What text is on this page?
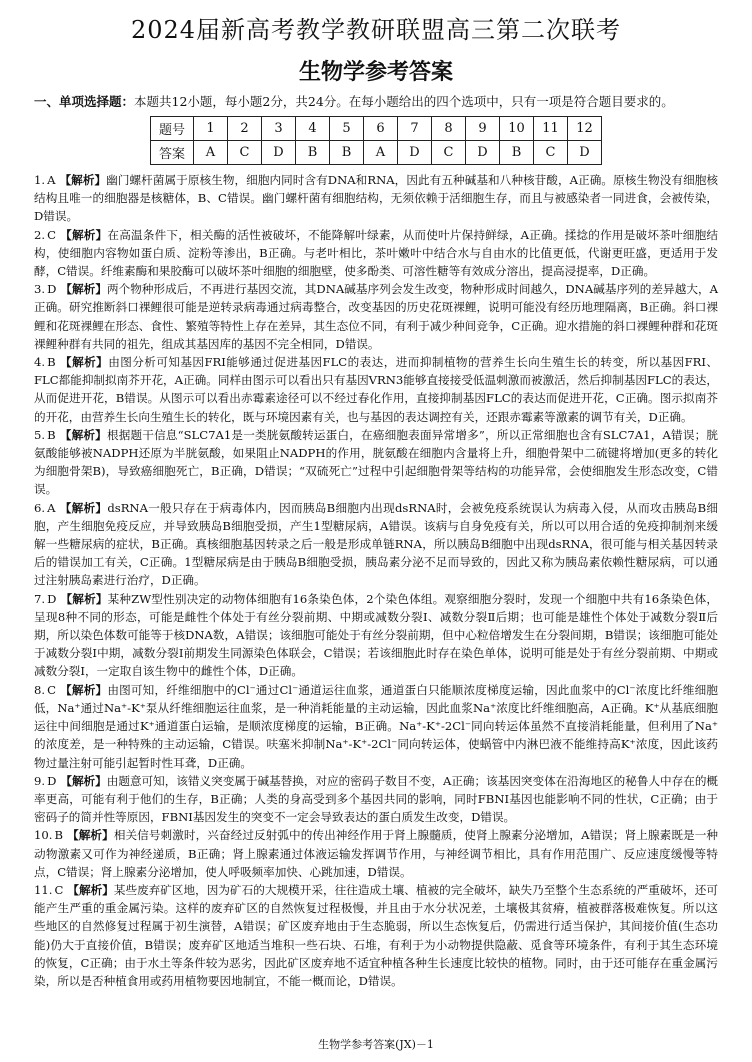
2024届新高考教学教研联盟高三第二次联考
生物学参考答案
一、单项选择题：本题共12小题，每小题2分，共24分。在每小题给出的四个选项中，只有一项是符合题目要求的。
题号	1	2	3	4	5	6	7	8	9	10	11	12
答案	A	C	D	B	B	A	D	C	D	B	C	D

1. A 【解析】幽门螺杆菌属于原核生物，细胞内同时含有DNA和RNA，因此有五种碱基和八种核苷酸，A正确。原核生物没有细胞核结构且唯一的细胞器是核糖体，B、C错误。幽门螺杆菌有细胞结构，无须依赖于活细胞生存，而且与被感染者一同进食，会被传染，D错误。

2. C 【解析】在高温条件下，相关酶的活性被破坏，不能降解叶绿素，从而使叶片保持鲜绿，A正确。揉捻的作用是破坏茶叶细胞结构，使细胞内容物如蛋白质、淀粉等渗出，B正确。与老叶相比，茶叶嫩叶中结合水与自由水的比值更低，代谢更旺盛，更适用于发酵，C错误。纤维素酶和果胶酶可以破坏茶叶细胞的细胞壁，使多酚类、可溶性糖等有效成分溶出，提高浸提率，D正确。

3. D 【解析】两个物种形成后，不再进行基因交流，其DNA碱基序列会发生改变，物种形成时间越久，DNA碱基序列的差异越大，A正确。研究推断斜口裸鲤很可能是逆转录病毒通过病毒整合，改变基因的历史花斑裸鲤，说明可能没有经历地理隔离，B正确。斜口裸鲤和花斑裸鲤在形态、食性、繁殖等特性上存在差异，其生态位不同，有利于减少种间竞争，C正确。迎水措施的斜口裸鲤种群和花斑裸鲤种群有共同的祖先，组成其基因库的基因不完全相同，D错误。

4. B 【解析】由图分析可知基因FRI能够通过促进基因FLC的表达，进而抑制植物的营养生长向生殖生长的转变，所以基因FRI、FLC都能抑制拟南芥开花，A正确。同样由图示可以看出只有基因VRN3能够直接接受低温刺激而被激活，然后抑制基因FLC的表达，从而促进开花，B错误。从图示可以看出赤霉素途径可以不经过春化作用，直接抑制基因FLC的表达而促进开花，C正确。图示拟南芥的开花，由营养生长向生殖生长的转化，既与环境因素有关，也与基因的表达调控有关，还跟赤霉素等激素的调节有关，D正确。

5. B 【解析】根据题干信息“SLC7A1是一类胱氨酸转运蛋白，在癌细胞表面异常增多”，所以正常细胞也含有SLC7A1，A错误；胱氨酸能够被NADPH还原为半胱氨酸，如果阻止NADPH的作用，胱氨酸在细胞内含量将上升，细胞骨架中二硫键将增加(更多的转化为细胞骨架B)，导致癌细胞死亡，B正确，D错误；“双硫死亡”过程中引起细胞骨架等结构的功能异常，会使细胞发生形态改变，C错误。

6. A 【解析】dsRNA一般只存在于病毒体内，因而胰岛B细胞内出现dsRNA时，会被免疫系统误认为病毒入侵，从而攻击胰岛B细胞，产生细胞免疫反应，并导致胰岛B细胞受损，产生1型糖尿病，A错误。该病与自身免疫有关，所以可以用合适的免疫抑制剂来缓解一些糖尿病的症状，B正确。真核细胞基因转录之后一般是形成单链RNA，所以胰岛B细胞中出现dsRNA，很可能与相关基因转录后的错误加工有关，C正确。1型糖尿病是由于胰岛B细胞受损，胰岛素分泌不足而导致的，因此又称为胰岛素依赖性糖尿病，可以通过注射胰岛素进行治疗，D正确。

7. D 【解析】某种ZW型性别决定的动物体细胞有16条染色体，2个染色体组。观察细胞分裂时，发现一个细胞中共有16条染色体，呈现8种不同的形态，可能是雌性个体处于有丝分裂前期、中期或减数分裂Ⅰ、减数分裂Ⅱ后期；也可能是雄性个体处于减数分裂Ⅱ后期，所以染色体数可能等于核DNA数，A错误；该细胞可能处于有丝分裂前期，但中心粒倍增发生在分裂间期，B错误；该细胞可能处于减数分裂Ⅰ中期，减数分裂Ⅰ前期发生同源染色体联会，C错误；若该细胞此时存在染色单体，说明可能是处于有丝分裂前期、中期或减数分裂Ⅰ，一定取自该生物中的雌性个体，D正确。

8. C 【解析】由图可知，纤维细胞中的Cl⁻通过Cl⁻通道运往血浆，通道蛋白只能顺浓度梯度运输，因此血浆中的Cl⁻浓度比纤维细胞低，Na⁺通过Na⁺-K⁺泵从纤维细胞运往血浆，是一种消耗能量的主动运输，因此血浆Na⁺浓度比纤维细胞高，A正确。K⁺从基底细胞运往中间细胞是通过K⁺通道蛋白运输，是顺浓度梯度的运输，B正确。Na⁺-K⁺-2Cl⁻同向转运体虽然不直接消耗能量，但利用了Na⁺的浓度差，是一种特殊的主动运输，C错误。呋塞米抑制Na⁺-K⁺-2Cl⁻同向转运体，使蜗管中内淋巴液不能维持高K⁺浓度，因此该药物过量注射可能引起暂时性耳聋，D正确。

9. D 【解析】由题意可知，该错义突变属于碱基替换，对应的密码子数目不变，A正确；该基因突变体在沿海地区的秘鲁人中存在的概率更高，可能有利于他们的生存，B正确；人类的身高受到多个基因共同的影响，同时FBNI基因也能影响不同的性状，C正确；由于密码子的简并性等原因，FBNI基因发生的突变不一定会导致表达的蛋白质发生改变，D错误。

10. B 【解析】相关信号刺激时，兴奋经过反射弧中的传出神经作用于肾上腺髓质，使肾上腺素分泌增加，A错误；肾上腺素既是一种动物激素又可作为神经递质，B正确；肾上腺素通过体液运输发挥调节作用，与神经调节相比，具有作用范围广、反应速度缓慢等特点，C错误；肾上腺素分泌增加，使人呼吸频率加快、心跳加速，D错误。

11. C 【解析】某些废弃矿区地，因为矿石的大规模开采，往往造成土壤、植被的完全破坏，缺失乃至整个生态系统的严重破坏，还可能产生严重的重金属污染。这样的废弃矿区的自然恢复过程极慢，并且由于水分状况差，土壤极其贫瘠，植被群落极难恢复。所以这些地区的自然修复过程属于初生演替，A错误；矿区废弃地由于生态脆弱，所以生态恢复后，仍需进行适当保护，其间接价值(生态功能)仍大于直接价值，B错误；废弃矿区地适当堆积一些石块、石堆，有利于为小动物提供隐蔽、觅食等环境条件，有利于其生态环境的恢复，C正确；由于水土等条件较为恶劣，因此矿区废弃地不适宜种植各种生长速度比较快的植物。同时，由于还可能存在重金属污染，所以是否种植食用或药用植物要因地制宜，不能一概而论，D错误。

生物学参考答案(JX)－1
